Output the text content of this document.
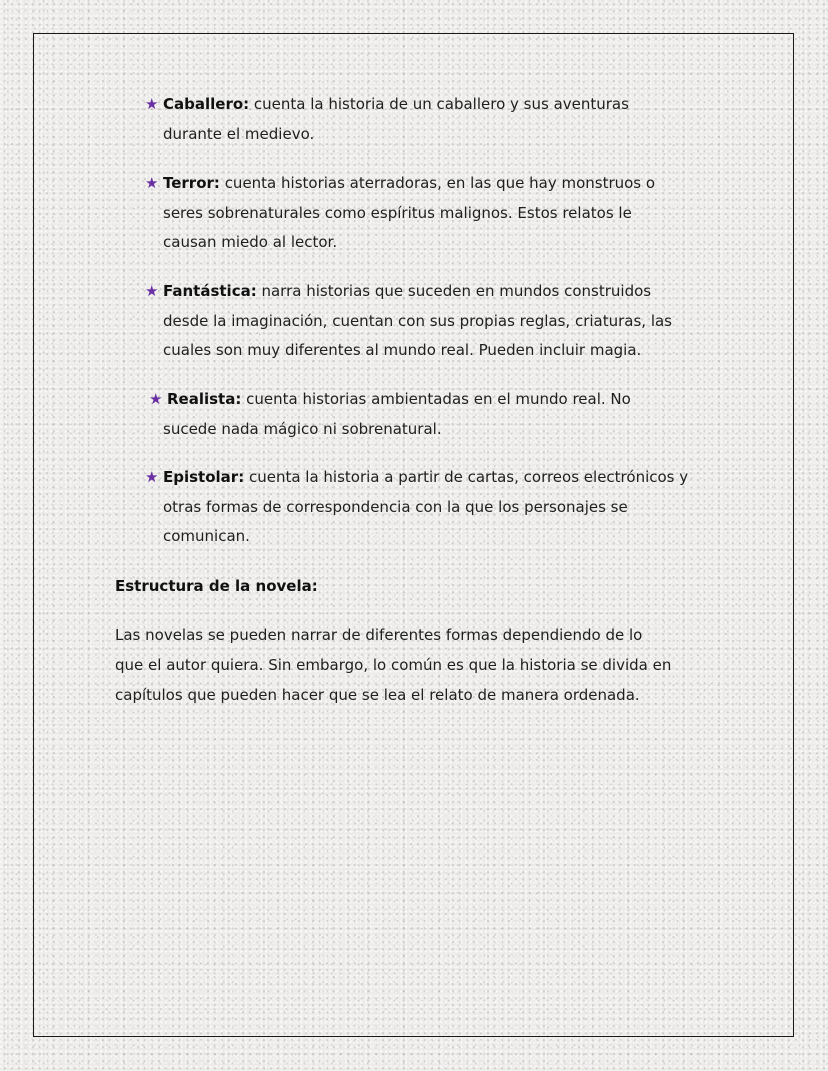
★ Caballero: cuenta la historia de un caballero y sus aventuras
durante el medievo.
★ Terror: cuenta historias aterradoras, en las que hay monstruos o
seres sobrenaturales como espíritus malignos. Estos relatos le
causan miedo al lector.
★ Fantástica: narra historias que suceden en mundos construidos
desde la imaginación, cuentan con sus propias reglas, criaturas, las
cuales son muy diferentes al mundo real. Pueden incluir magia.
★ Realista: cuenta historias ambientadas en el mundo real. No
sucede nada mágico ni sobrenatural.
★ Epistolar: cuenta la historia a partir de cartas, correos electrónicos y
otras formas de correspondencia con la que los personajes se
comunican.
Estructura de la novela:
Las novelas se pueden narrar de diferentes formas dependiendo de lo
que el autor quiera. Sin embargo, lo común es que la historia se divida en
capítulos que pueden hacer que se lea el relato de manera ordenada.
